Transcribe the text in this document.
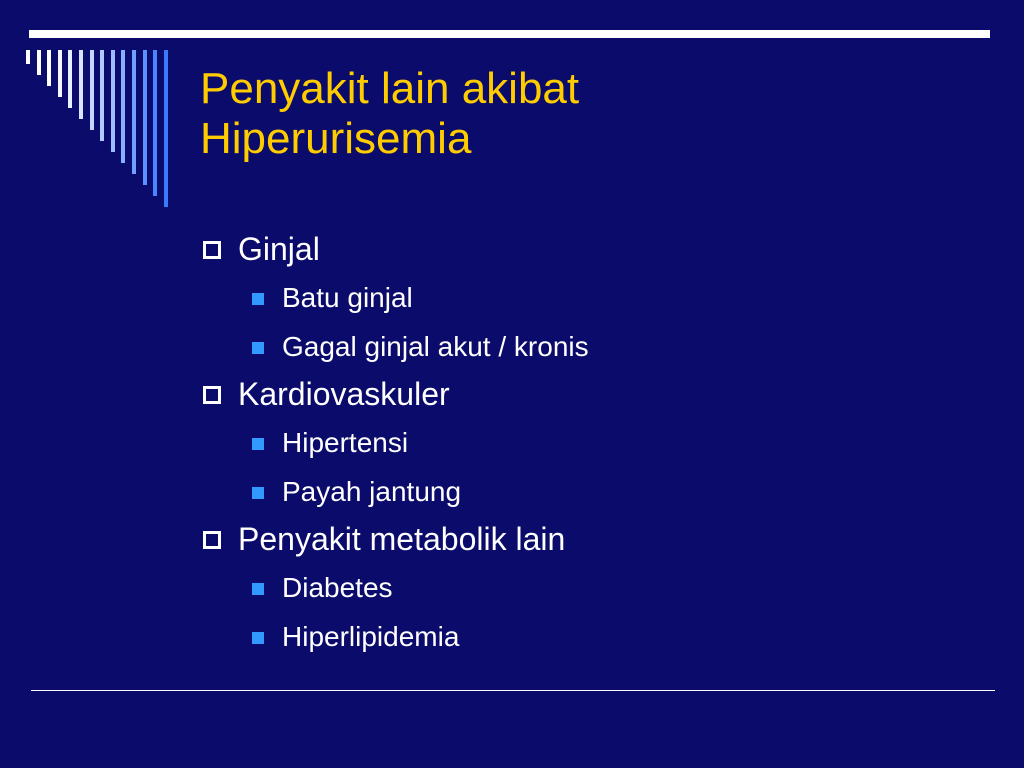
Penyakit lain akibat
Hiperurisemia
Ginjal
Batu ginjal
Gagal ginjal akut / kronis
Kardiovaskuler
Hipertensi
Payah jantung
Penyakit metabolik lain
Diabetes
Hiperlipidemia
